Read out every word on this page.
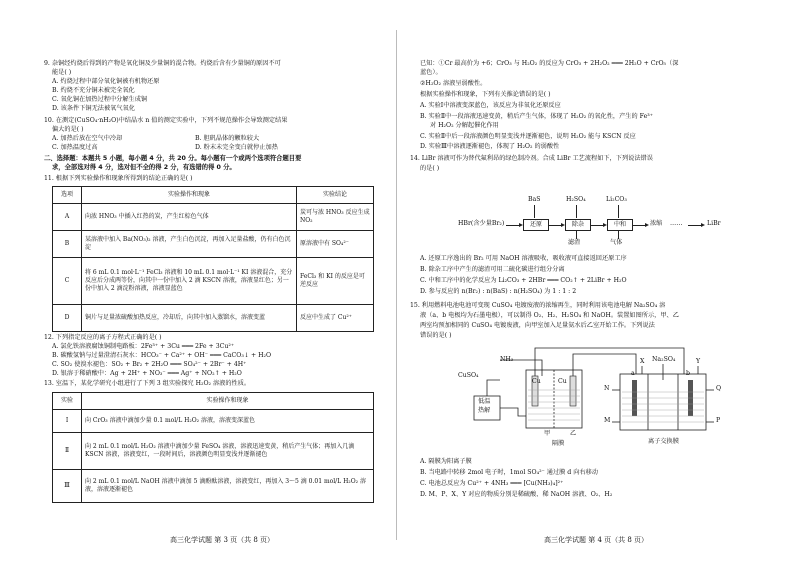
9. 杂铜经灼烧后得到的产物是氧化铜及少量铜的混合物。灼烧后含有少量铜的原因不可
能是( )
A. 灼烧过程中部分氧化铜被有机物还原
B. 灼烧不充分铜未被完全氧化
C. 氧化铜在加热过程中分解生成铜
D. 该条件下铜无法被氧气氧化
10. 在测定(CuSO₄·nH₂O)中结晶水 n 值的测定实验中，下列不规范操作会导致测定结果
偏大的是( )
A. 加热后放在空气中冷却	B. 胆矾晶体的颗粒较大
C. 加热温度过高	D. 粉末未完全变白就停止加热
二、选择题：本题共 5 小题，每小题 4 分，共 20 分。每小题有一个或两个选项符合题目要
求，全部选对得 4 分，选对但不全的得 2 分，有选错的得 0 分。
11. 根据下列实验操作和现象所得到的结论正确的是( )
选项	实验操作和现象	实验结论
A	向浓 HNO₃ 中插入红热的炭，产生红棕色气体	炭可与浓 HNO₃ 反应生成 NO₂
B	某溶液中加入 Ba(NO₃)₂ 溶液，产生白色沉淀，再加入足量盐酸，仍有白色沉淀	原溶液中有 SO₄²⁻
C	将 6 mL 0.1 mol·L⁻¹ FeCl₃ 溶液和 10 mL 0.1 mol·L⁻¹ KI 溶液混合，充分反应后分成两等份，向其中一份中加入 2 滴 KSCN 溶液，溶液显红色；另一份中加入 2 滴淀粉溶液，溶液显蓝色	FeCl₃ 和 KI 的反应是可逆反应
D	铜片与足量浓硫酸加热反应，冷却后，向其中加入蒸馏水，溶液变蓝	反应中生成了 Cu²⁺
12. 下列指定反应的离子方程式正确的是( )
A. 氯化铁溶液腐蚀铜制电路板：2Fe³⁺ + 3Cu ═══ 2Fe + 3Cu²⁺
B. 碳酸氢钠与过量澄清石灰水：HCO₃⁻ + Ca²⁺ + OH⁻ ═══ CaCO₃↓ + H₂O
C. SO₂ 使溴水褪色：SO₂ + Br₂ + 2H₂O ═══ SO₄²⁻ + 2Br⁻ + 4H⁺
D. 银溶于稀硝酸中：Ag + 2H⁺ + NO₃⁻ ═══ Ag⁺ + NO₂↑ + H₂O
13. 室温下，某化学研究小组进行了下列 3 组实验探究 H₂O₂ 溶液的性质。
实验	实验操作和现象
Ⅰ	向 CrO₃ 溶液中滴加少量 0.1 mol/L H₂O₂ 溶液，溶液变深蓝色
Ⅱ	向 2 mL 0.1 mol/L H₂O₂ 溶液中滴加少量 FeSO₄ 溶液，溶液迅速变黄，稍后产生气体；再加入几滴 KSCN 溶液，溶液变红，一段时间后，溶液颜色明显变浅并逐渐褪色
Ⅲ	向 2 mL 0.1 mol/L NaOH 溶液中滴加 5 滴酚酞溶液，溶液变红，再加入 3～5 滴 0.01 mol/L H₂O₂ 溶液，溶液逐渐褪色
高三化学试题 第 3 页（共 8 页）
已知：①Cr 最高价为 +6；CrO₃ 与 H₂O₂ 的反应为 CrO₃ + 2H₂O₂ ═══ 2H₂O + CrO₅（深
蓝色）。
②H₂O₂ 溶液呈弱酸性。
根据实验操作和现象，下列有关推论错误的是( )
A. 实验Ⅰ中溶液变深蓝色，该反应为非氧化还原反应
B. 实验Ⅱ中一段溶液迅速变黄，稍后产生气体，体现了 H₂O₂ 的氧化性，产生的 Fe³⁺
对 H₂O₂ 分解起催化作用
C. 实验Ⅱ中后一段溶液颜色明显变浅并逐渐褪色，说明 H₂O₂ 能与 KSCN 反应
D. 实验Ⅲ中溶液逐渐褪色，体现了 H₂O₂ 的弱酸性
14. LiBr 溶液可作为替代氟利昂的绿色制冷剂。合成 LiBr 工艺流程如下，下列说法错误
的是( )
HBr(含少量Br₂)	还原	除杂	中和	浓缩 ……	LiBr
BaS	H₂SO₄	Li₂CO₃
滤渣	气体
A. 还原工序逸出的 Br₂ 可用 NaOH 溶液吸收，吸收液可直接返回还原工序
B. 除杂工序中产生的滤渣可用二硫化碳进行组分分离
C. 中和工序中的化学反应为 Li₂CO₃ + 2HBr ═══ CO₂↑ + 2LiBr + H₂O
D. 参与反应的 n(Br₂) : n(BaS) : n(H₂SO₄) 为 1 : 1 : 2
15. 利用燃料电池电池可变现 CuSO₄ 电镀废液的浓缩再生，同时利用该电池电解 Na₂SO₄ 溶
液（a、b 电极均为石墨电极），可以制得 O₂、H₂、H₂SO₄ 和 NaOH。装置如图所示，甲、乙
两室均预加相同的 CuSO₄ 电镀废液，向甲室加入足量氨水后乙室开始工作。下列说法
错误的是( )
NH₃
Cu	Cu
CuSO₄
低温
热解
甲	乙
隔膜
Na₂SO₄
X	Y
N
M
Q
P
a	b
离子交换膜
A. 隔膜为阳离子膜
B. 当电路中转移 2mol 电子时，1mol SO₄²⁻ 通过膜 d 向右移动
C. 电池总反应为 Cu²⁺ + 4NH₃ ═══ [Cu(NH₃)₄]²⁺
D. M、P、X、Y 对应的物质分别是稀硫酸、稀 NaOH 溶液、O₂、H₂
高三化学试题 第 4 页（共 8 页）
